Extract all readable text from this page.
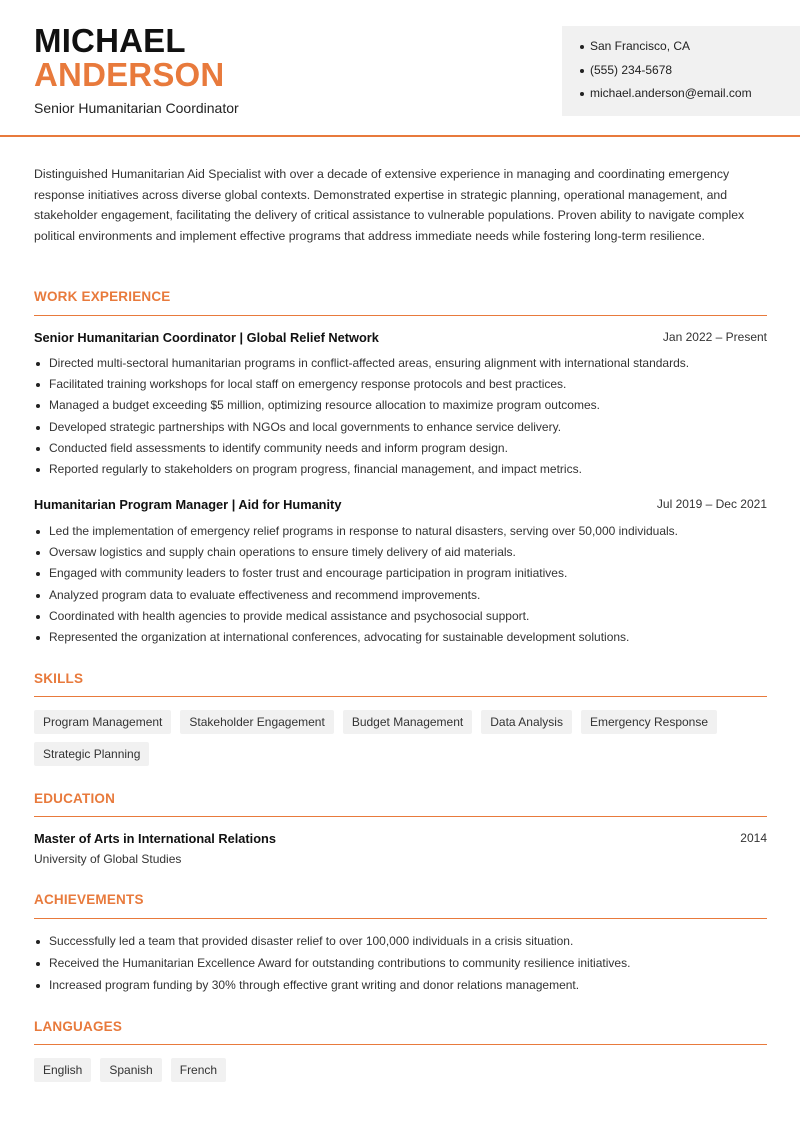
MICHAEL
ANDERSON
Senior Humanitarian Coordinator
San Francisco, CA
(555) 234-5678
michael.anderson@email.com

Distinguished Humanitarian Aid Specialist with over a decade of extensive experience in managing and coordinating emergency response initiatives across diverse global contexts. Demonstrated expertise in strategic planning, operational management, and stakeholder engagement, facilitating the delivery of critical assistance to vulnerable populations. Proven ability to navigate complex political environments and implement effective programs that address immediate needs while fostering long-term resilience.

WORK EXPERIENCE
Senior Humanitarian Coordinator | Global Relief Network	Jan 2022 – Present
Directed multi-sectoral humanitarian programs in conflict-affected areas, ensuring alignment with international standards.
Facilitated training workshops for local staff on emergency response protocols and best practices.
Managed a budget exceeding $5 million, optimizing resource allocation to maximize program outcomes.
Developed strategic partnerships with NGOs and local governments to enhance service delivery.
Conducted field assessments to identify community needs and inform program design.
Reported regularly to stakeholders on program progress, financial management, and impact metrics.
Humanitarian Program Manager | Aid for Humanity	Jul 2019 – Dec 2021
Led the implementation of emergency relief programs in response to natural disasters, serving over 50,000 individuals.
Oversaw logistics and supply chain operations to ensure timely delivery of aid materials.
Engaged with community leaders to foster trust and encourage participation in program initiatives.
Analyzed program data to evaluate effectiveness and recommend improvements.
Coordinated with health agencies to provide medical assistance and psychosocial support.
Represented the organization at international conferences, advocating for sustainable development solutions.
SKILLS
Program Management	Stakeholder Engagement	Budget Management	Data Analysis	Emergency Response
Strategic Planning
EDUCATION
Master of Arts in International Relations	2014
University of Global Studies
ACHIEVEMENTS
Successfully led a team that provided disaster relief to over 100,000 individuals in a crisis situation.
Received the Humanitarian Excellence Award for outstanding contributions to community resilience initiatives.
Increased program funding by 30% through effective grant writing and donor relations management.
LANGUAGES
English	Spanish	French
